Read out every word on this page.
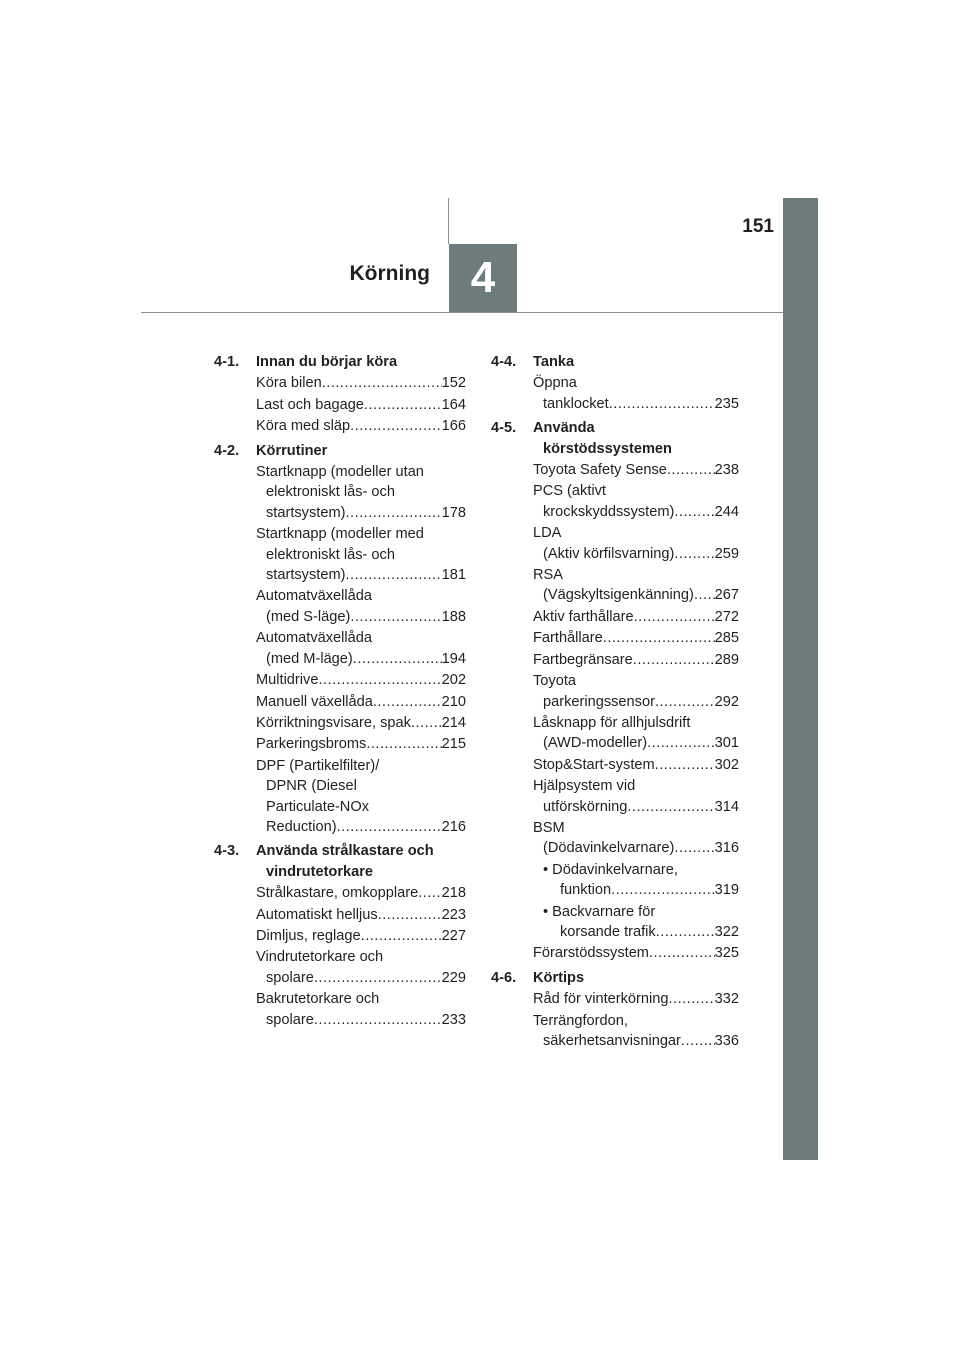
4
Körning
151
4-1.	Innan du börjar köra
Köra bilen .....	152
Last och bagage .....	164
Köra med släp .....	166
4-2.	Körrutiner
Startknapp (modeller utan
elektroniskt lås- och
startsystem) .....	178
Startknapp (modeller med
elektroniskt lås- och
startsystem) .....	181
Automatväxellåda
(med S-läge) .....	188
Automatväxellåda
(med M-läge) .....	194
Multidrive .....	202
Manuell växellåda .....	210
Körriktningsvisare, spak ..... 214
Parkeringsbroms .....	215
DPF (Partikelfilter)/
DPNR (Diesel
Particulate-NOx
Reduction) .....	216
4-3.	Använda strålkastare och
vindrutetorkare
Strålkastare, omkopplare ..... 218
Automatiskt helljus .....	223
Dimljus, reglage .....	227
Vindrutetorkare och
spolare .....	229
Bakrutetorkare och
spolare .....	233
4-4.	Tanka
Öppna
tanklocket .....	235
4-5.	Använda
körstödssystemen
Toyota Safety Sense .....	238
PCS (aktivt
krockskyddssystem) .....	244
LDA
(Aktiv körfilsvarning) .....	259
RSA
(Vägskyltsigenkänning) ..... 267
Aktiv farthållare .....	272
Farthållare .....	285
Fartbegränsare .....	289
Toyota
parkeringssensor .....	292
Låsknapp för allhjulsdrift
(AWD-modeller) .....	301
Stop&Start-system .....	302
Hjälpsystem vid
utförskörning .....	314
BSM
(Dödavinkelvarnare) .....	316
• Dödavinkelvarnare,
funktion .....	319
• Backvarnare för
korsande trafik .....	322
Förarstödssystem .....	325
4-6.	Körtips
Råd för vinterkörning .....	332
Terrängfordon,
säkerhetsanvisningar ..... 336
